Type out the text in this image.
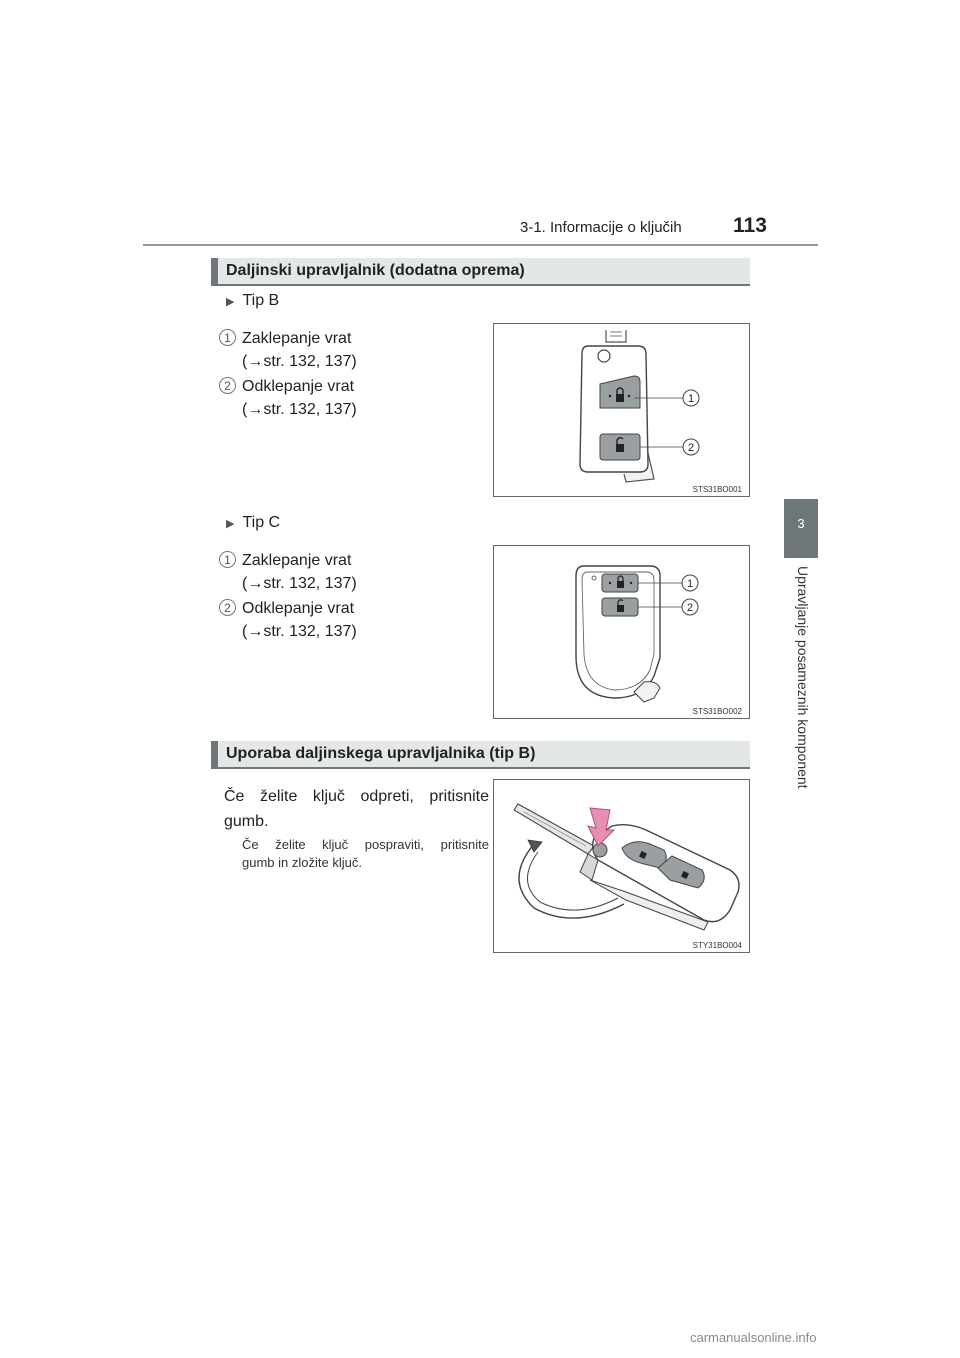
3-1. Informacije o ključih 113
3
Upravljanje posameznih komponent
Daljinski upravljalnik (dodatna oprema)
▶ Tip B
1 Zaklepanje vrat
(→str. 132, 137)
2 Odklepanje vrat
(→str. 132, 137)
1
2
STS31BO001
▶ Tip C
1 Zaklepanje vrat
(→str. 132, 137)
2 Odklepanje vrat
(→str. 132, 137)
1
2
STS31BO002
Uporaba daljinskega upravljalnika (tip B)
Če želite ključ odpreti, pritisnite
gumb.
Če želite ključ pospraviti, pritisnite
gumb in zložite ključ.
STY31BO004
carmanualsonline.info
